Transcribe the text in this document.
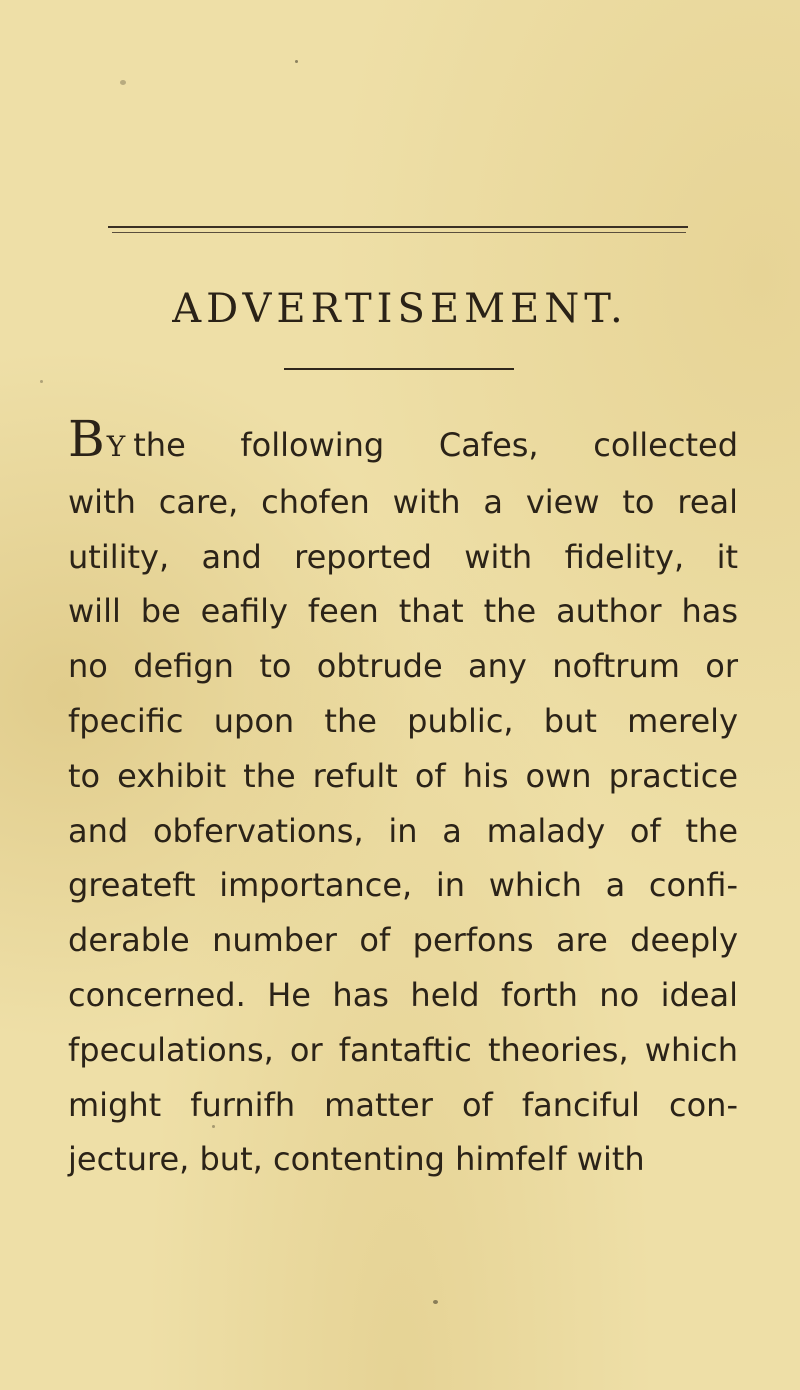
ADVERTISEMENT.
BY the following Cafes, collected
with care, chofen with a view to real
utility, and reported with fidelity, it
will be eafily feen that the author has
no defign to obtrude any noftrum or
fpecific upon the public, but merely
to exhibit the refult of his own practice
and obfervations, in a malady of the
greateft importance, in which a confi-
derable number of perfons are deeply
concerned. He has held forth no ideal
fpeculations, or fantaftic theories, which
might furnifh matter of fanciful con-
jecture, but, contenting himfelf with
